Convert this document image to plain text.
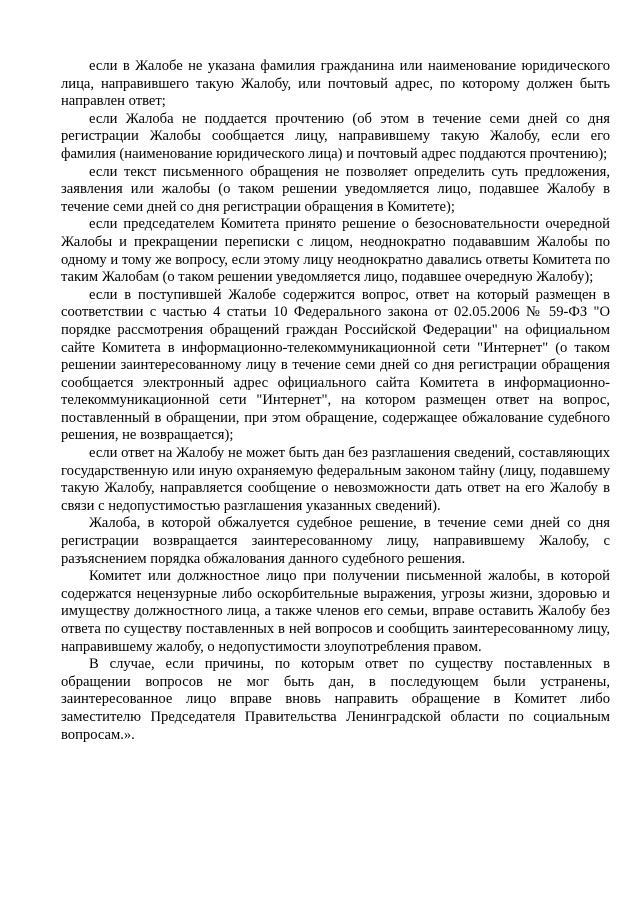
если в Жалобе не указана фамилия гражданина или наименование юридического лица, направившего такую Жалобу, или почтовый адрес, по которому должен быть направлен ответ;

если Жалоба не поддается прочтению (об этом в течение семи дней со дня регистрации Жалобы сообщается лицу, направившему такую Жалобу, если его фамилия (наименование юридического лица) и почтовый адрес поддаются прочтению);

если текст письменного обращения не позволяет определить суть предложения, заявления или жалобы (о таком решении уведомляется лицо, подавшее Жалобу в течение семи дней со дня регистрации обращения в Комитете);

если председателем Комитета принято решение о безосновательности очередной Жалобы и прекращении переписки с лицом, неоднократно подававшим Жалобы по одному и тому же вопросу, если этому лицу неоднократно давались ответы Комитета по таким Жалобам (о таком решении уведомляется лицо, подавшее очередную Жалобу);

если в поступившей Жалобе содержится вопрос, ответ на который размещен в соответствии с частью 4 статьи 10 Федерального закона от 02.05.2006 № 59-ФЗ "О порядке рассмотрения обращений граждан Российской Федерации" на официальном сайте Комитета в информационно-телекоммуникационной сети "Интернет" (о таком решении заинтересованному лицу в течение семи дней со дня регистрации обращения сообщается электронный адрес официального сайта Комитета в информационно-телекоммуникационной сети "Интернет", на котором размещен ответ на вопрос, поставленный в обращении, при этом обращение, содержащее обжалование судебного решения, не возвращается);

если ответ на Жалобу не может быть дан без разглашения сведений, составляющих государственную или иную охраняемую федеральным законом тайну (лицу, подавшему такую Жалобу, направляется сообщение о невозможности дать ответ на его Жалобу в связи с недопустимостью разглашения указанных сведений).

Жалоба, в которой обжалуется судебное решение, в течение семи дней со дня регистрации возвращается заинтересованному лицу, направившему Жалобу, с разъяснением порядка обжалования данного судебного решения.

Комитет или должностное лицо при получении письменной жалобы, в которой содержатся нецензурные либо оскорбительные выражения, угрозы жизни, здоровью и имуществу должностного лица, а также членов его семьи, вправе оставить Жалобу без ответа по существу поставленных в ней вопросов и сообщить заинтересованному лицу, направившему жалобу, о недопустимости злоупотребления правом.

В случае, если причины, по которым ответ по существу поставленных в обращении вопросов не мог быть дан, в последующем были устранены, заинтересованное лицо вправе вновь направить обращение в Комитет либо заместителю Председателя Правительства Ленинградской области по социальным вопросам.».
